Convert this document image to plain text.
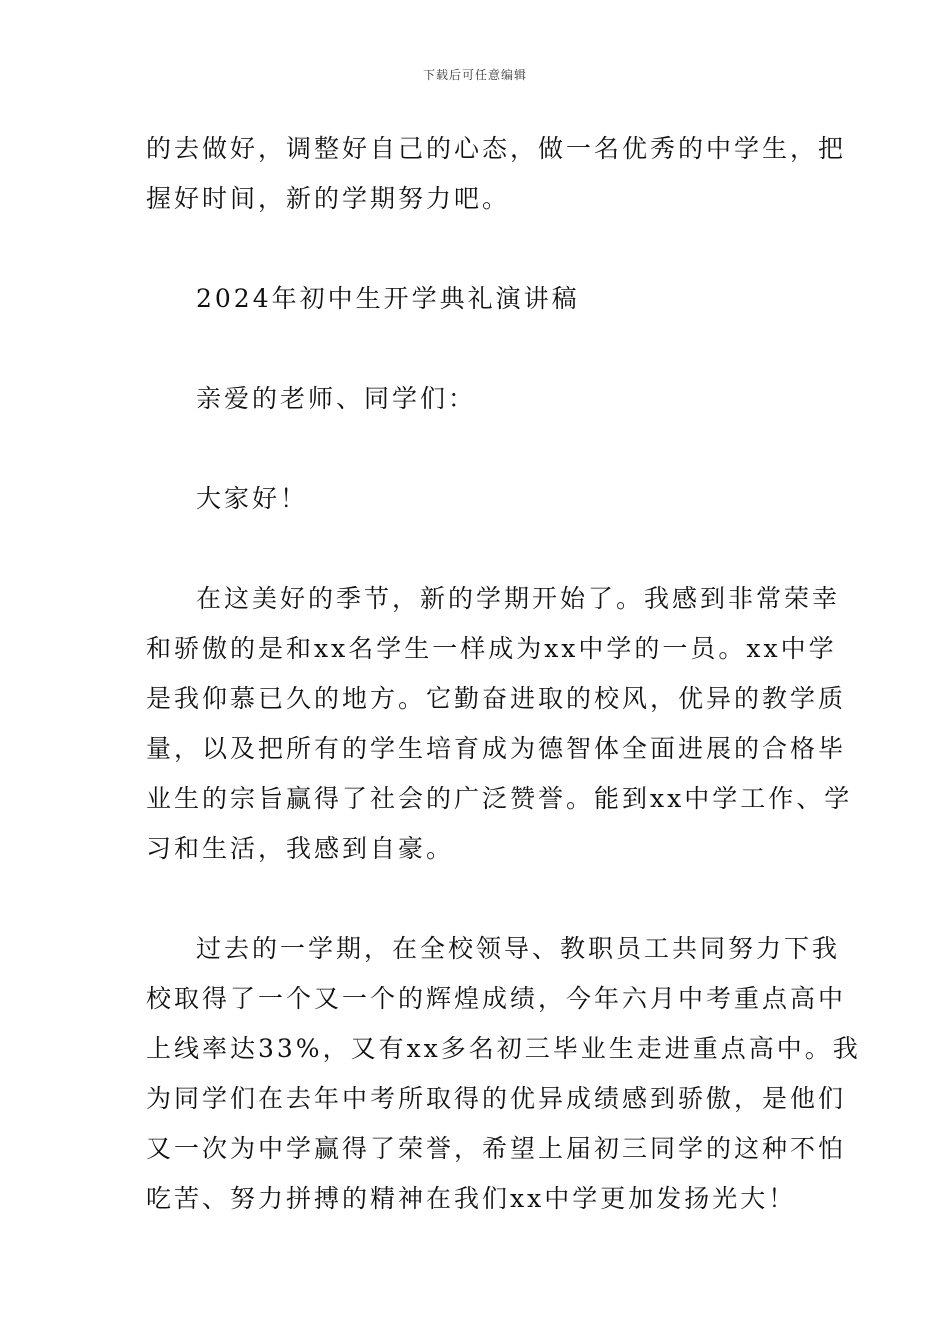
下载后可任意编辑
的去做好，调整好自己的心态，做一名优秀的中学生，把
握好时间，新的学期努力吧。
2024年初中生开学典礼演讲稿
亲爱的老师、同学们：
大家好！
在这美好的季节，新的学期开始了。我感到非常荣幸
和骄傲的是和xx名学生一样成为xx中学的一员。xx中学
是我仰慕已久的地方。它勤奋进取的校风，优异的教学质
量，以及把所有的学生培育成为德智体全面进展的合格毕
业生的宗旨赢得了社会的广泛赞誉。能到xx中学工作、学
习和生活，我感到自豪。
过去的一学期，在全校领导、教职员工共同努力下我
校取得了一个又一个的辉煌成绩，今年六月中考重点高中
上线率达33%，又有xx多名初三毕业生走进重点高中。我
为同学们在去年中考所取得的优异成绩感到骄傲，是他们
又一次为中学赢得了荣誉，希望上届初三同学的这种不怕
吃苦、努力拼搏的精神在我们xx中学更加发扬光大！
